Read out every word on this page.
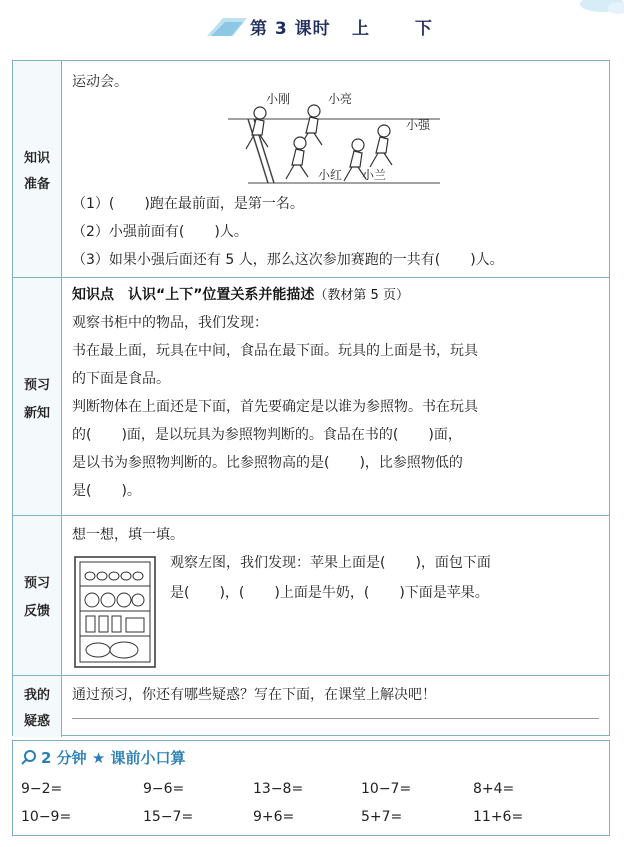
第 3 课时 上 下
知识
准备
运动会。
小刚	小亮
小强
小红 小兰
（1）( )跑在最前面，是第一名。
（2）小强前面有( )人。
（3）如果小强后面还有 5 人，那么这次参加赛跑的一共有( )人。
预习
新知
知识点　认识“上下”位置关系并能描述（教材第 5 页）
观察书柜中的物品，我们发现：
书在最上面，玩具在中间，食品在最下面。玩具的上面是书，玩具
的下面是食品。
判断物体在上面还是下面，首先要确定是以谁为参照物。书在玩具
的( )面，是以玩具为参照物判断的。食品在书的( )面，
是以书为参照物判断的。比参照物高的是( )，比参照物低的
是( )。
预习
反馈
想一想，填一填。
观察左图，我们发现：苹果上面是( )，面包下面
是( )，( )上面是牛奶，( )下面是苹果。
我的
疑惑
通过预习，你还有哪些疑惑？写在下面，在课堂上解决吧！
2 分钟 ★ 课前小口算
9−2=	9−6=	13−8=	10−7=	8+4=
10−9=	15−7=	9+6=	5+7=	11+6=
